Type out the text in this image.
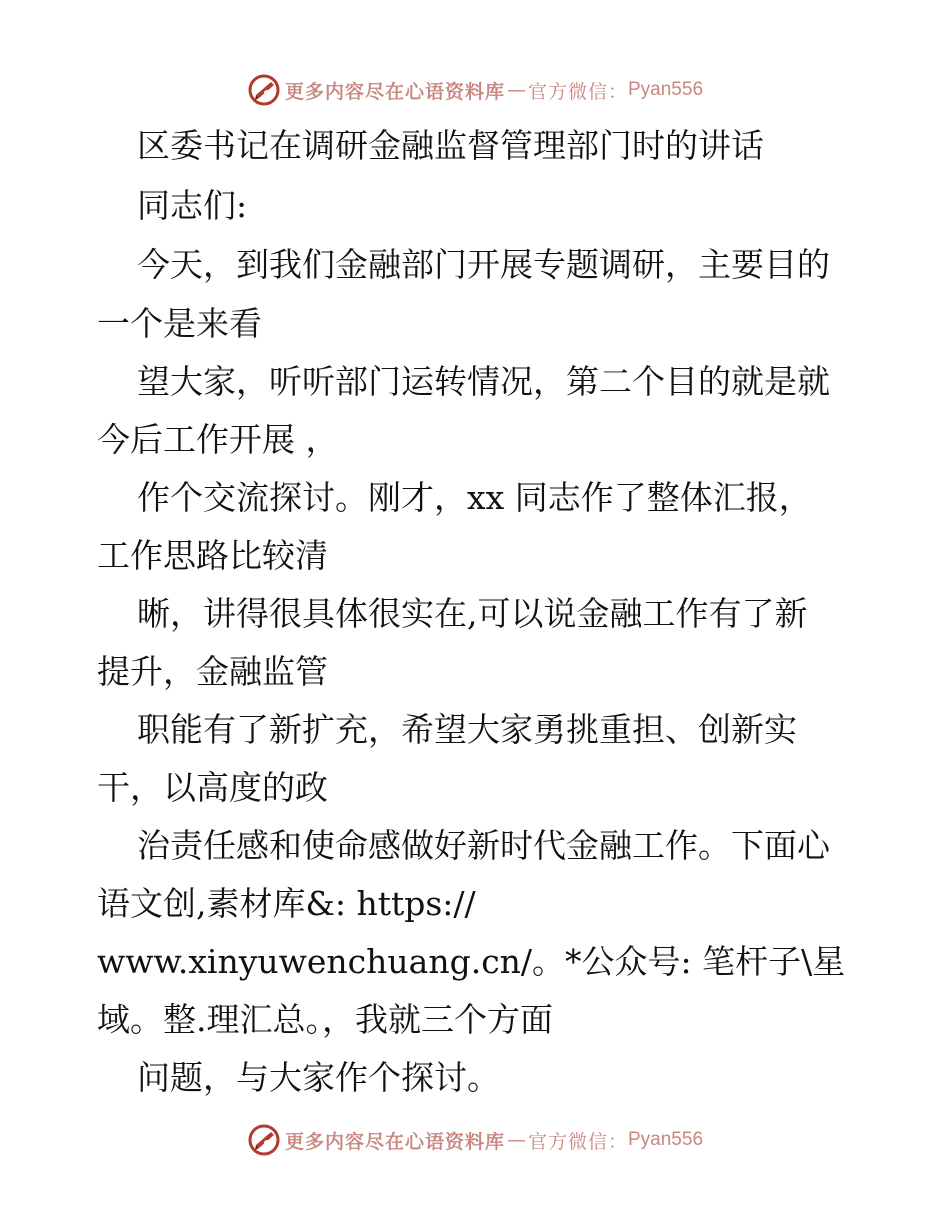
更多内容尽在心语资料库 — 官方微信： Pyan556
区委书记在调研金融监督管理部门时的讲话
同志们:
今天，到我们金融部门开展专题调研，主要目的
一个是来看
望大家，听听部门运转情况，第二个目的就是就
今后工作开展 ，
作个交流探讨。刚才，xx 同志作了整体汇报，
工作思路比较清
晰，讲得很具体很实在,可以说金融工作有了新
提升，金融监管
职能有了新扩充，希望大家勇挑重担、创新实
干，以高度的政
治责任感和使命感做好新时代金融工作。下面心
语文创,素材库&: https://
www.xinyuwenchuang.cn/。*公众号: 笔杆子\星
域。整.理汇总。，我就三个方面
问题，与大家作个探讨。
更多内容尽在心语资料库 — 官方微信： Pyan556
